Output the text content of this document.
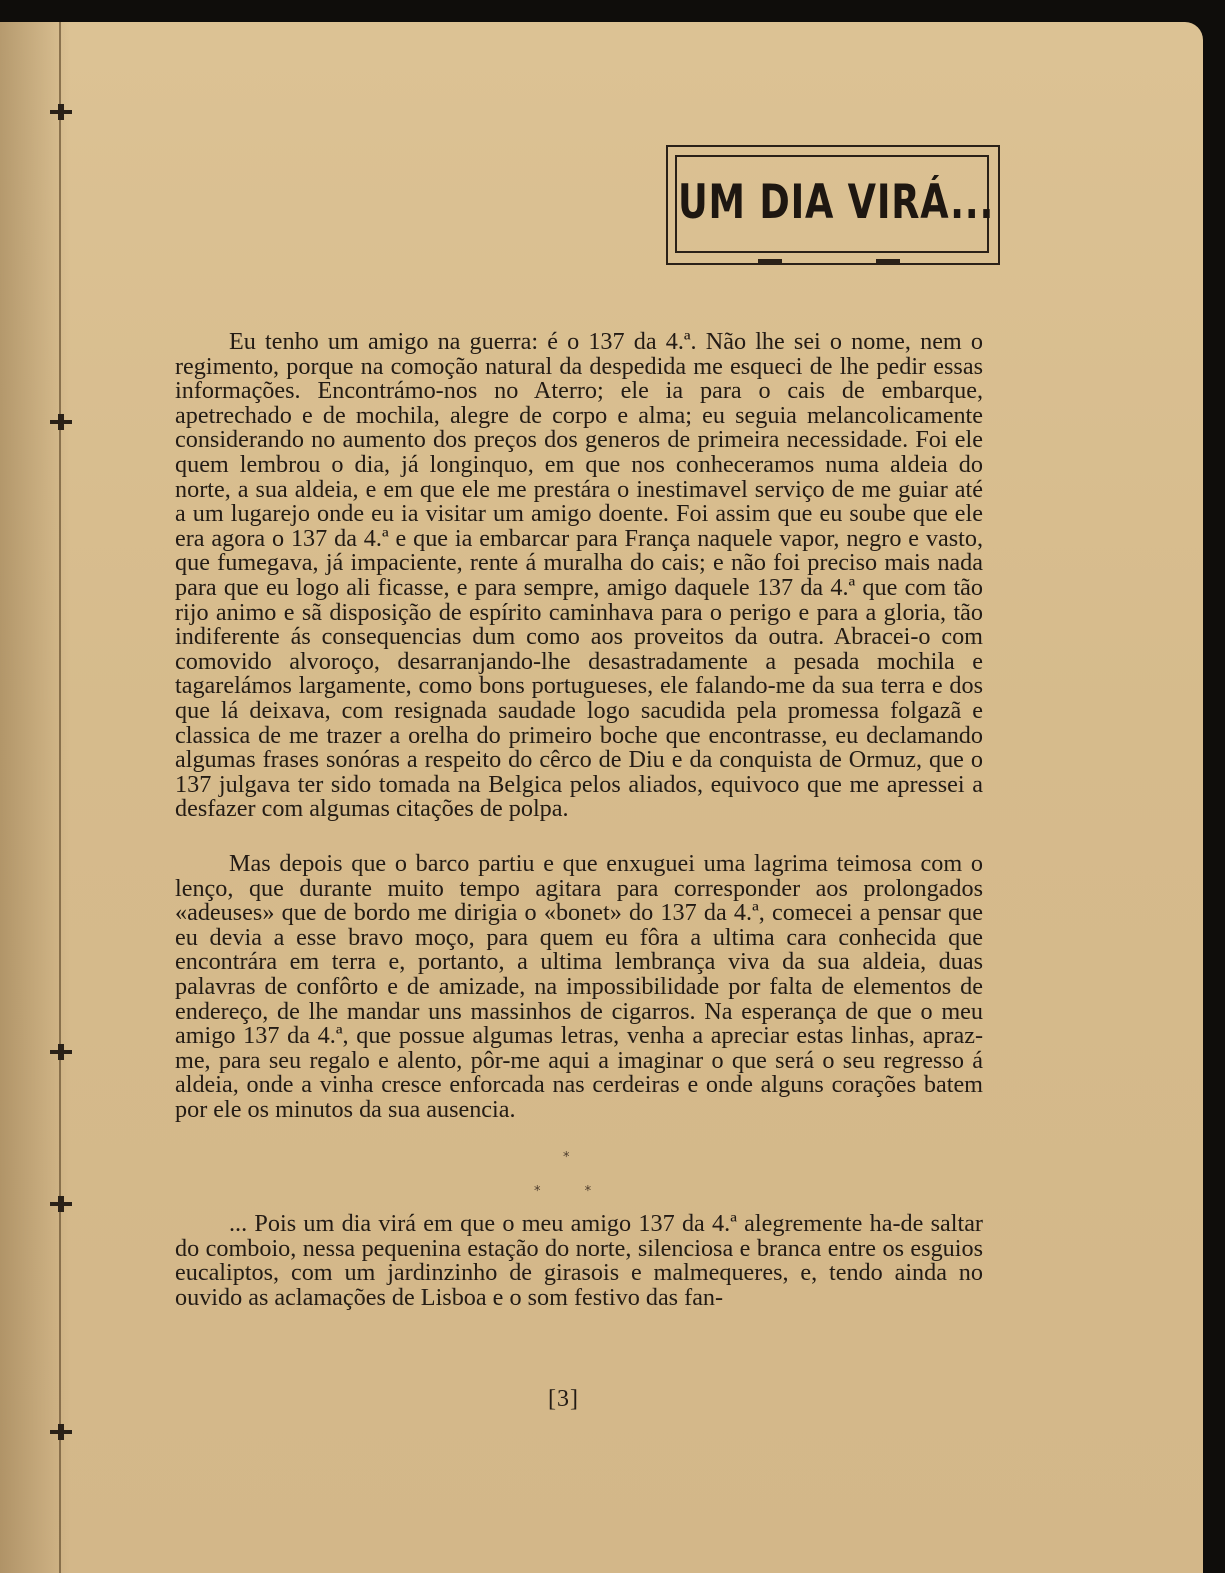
UM DIA VIRÁ...

Eu tenho um amigo na guerra: é o 137 da 4.ª. Não lhe sei o nome, nem o regimento, porque na comoção natural da despedida me esqueci de lhe pedir essas informações. Encontrámo-nos no Aterro; ele ia para o cais de embarque, apetrechado e de mochila, alegre de corpo e alma; eu seguia melancolicamente considerando no aumento dos preços dos generos de primeira necessidade. Foi ele quem lembrou o dia, já longinquo, em que nos conheceramos numa aldeia do norte, a sua aldeia, e em que ele me prestára o inestimavel serviço de me guiar até a um lugarejo onde eu ia visitar um amigo doente. Foi assim que eu soube que ele era agora o 137 da 4.ª e que ia embarcar para França naquele vapor, negro e vasto, que fumegava, já impaciente, rente á muralha do cais; e não foi preciso mais nada para que eu logo ali ficasse, e para sempre, amigo daquele 137 da 4.ª que com tão rijo animo e sã disposição de espírito caminhava para o perigo e para a gloria, tão indiferente ás consequencias dum como aos proveitos da outra. Abracei-o com comovido alvoroço, desarranjando-lhe desastradamente a pesada mochila e tagarelámos largamente, como bons portugueses, ele falando-me da sua terra e dos que lá deixava, com resignada saudade logo sacudida pela promessa folgazã e classica de me trazer a orelha do primeiro boche que encontrasse, eu declamando algumas frases sonóras a respeito do cêrco de Diu e da conquista de Ormuz, que o 137 julgava ter sido tomada na Belgica pelos aliados, equivoco que me apressei a desfazer com algumas citações de polpa.

Mas depois que o barco partiu e que enxuguei uma lagrima teimosa com o lenço, que durante muito tempo agitara para corresponder aos prolongados «adeuses» que de bordo me dirigia o «bonet» do 137 da 4.ª, comecei a pensar que eu devia a esse bravo moço, para quem eu fôra a ultima cara conhecida que encontrára em terra e, portanto, a ultima lembrança viva da sua aldeia, duas palavras de confôrto e de amizade, na impossibilidade por falta de elementos de endereço, de lhe mandar uns massinhos de cigarros. Na esperança de que o meu amigo 137 da 4.ª, que possue algumas letras, venha a apreciar estas linhas, apraz-me, para seu regalo e alento, pôr-me aqui a imaginar o que será o seu regresso á aldeia, onde a vinha cresce enforcada nas cerdeiras e onde alguns corações batem por ele os minutos da sua ausencia.

*
* *

... Pois um dia virá em que o meu amigo 137 da 4.ª alegremente ha-de saltar do comboio, nessa pequenina estação do norte, silenciosa e branca entre os esguios eucaliptos, com um jardinzinho de girasois e malmequeres, e, tendo ainda no ouvido as aclamações de Lisboa e o som festivo das fan-

[3]
